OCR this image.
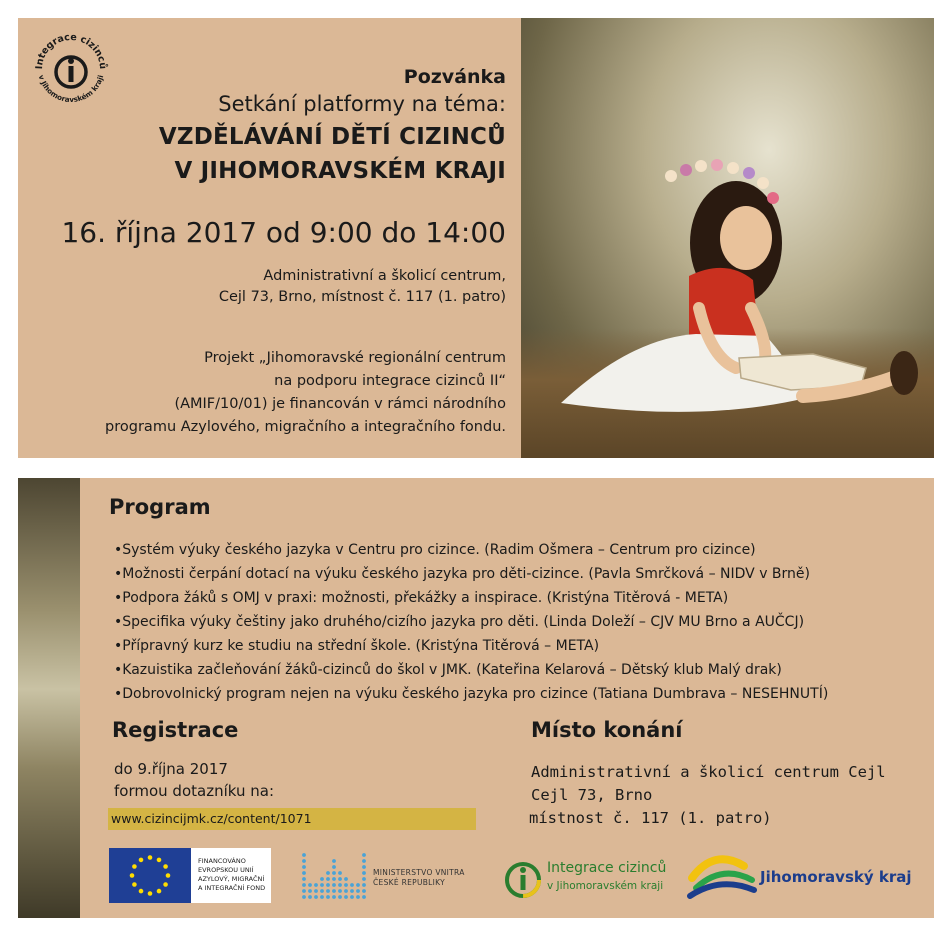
Integrace cizinců
v Jihomoravském kraji	Pozvánka
Setkání platformy na téma:
VZDĚLÁVÁNÍ DĚTÍ CIZINCŮ
V JIHOMORAVSKÉM KRAJI
16. října 2017 od 9:00 do 14:00
Administrativní a školicí centrum,
Cejl 73, Brno, místnost č. 117 (1. patro)
Projekt „Jihomoravské regionální centrum
na podporu integrace cizinců II“
(AMIF/10/01) je financován v rámci národního
programu Azylového, migračního a integračního fondu.
Program
•Systém výuky českého jazyka v Centru pro cizince. (Radim Ošmera – Centrum pro cizince)
•Možnosti čerpání dotací na výuku českého jazyka pro děti-cizince. (Pavla Smrčková – NIDV v Brně)
•Podpora žáků s OMJ v praxi: možnosti, překážky a inspirace. (Kristýna Titěrová - META)
•Specifika výuky češtiny jako druhého/cizího jazyka pro děti. (Linda Doleží – CJV MU Brno a AUČCJ)
•Přípravný kurz ke studiu na střední škole. (Kristýna Titěrová – META)
•Kazuistika začleňování žáků-cizinců do škol v JMK. (Kateřina Kelarová – Dětský klub Malý drak)
•Dobrovolnický program nejen na výuku českého jazyka pro cizince (Tatiana Dumbrava – NESEHNUTÍ)
Registrace
do 9.října 2017
formou dotazníku na:
www.cizincijmk.cz/content/1071
Místo konání
Administrativní a školicí centrum Cejl
Cejl 73, Brno
místnost č. 117 (1. patro)
FINANCOVÁNO
EVROPSKOU UNIÍ
AZYLOVÝ, MIGRAČNÍ
A INTEGRAČNÍ FOND
MINISTERSTVO VNITRA
ČESKÉ REPUBLIKY
Integrace cizinců
v Jihomoravském kraji	Jihomoravský kraj
